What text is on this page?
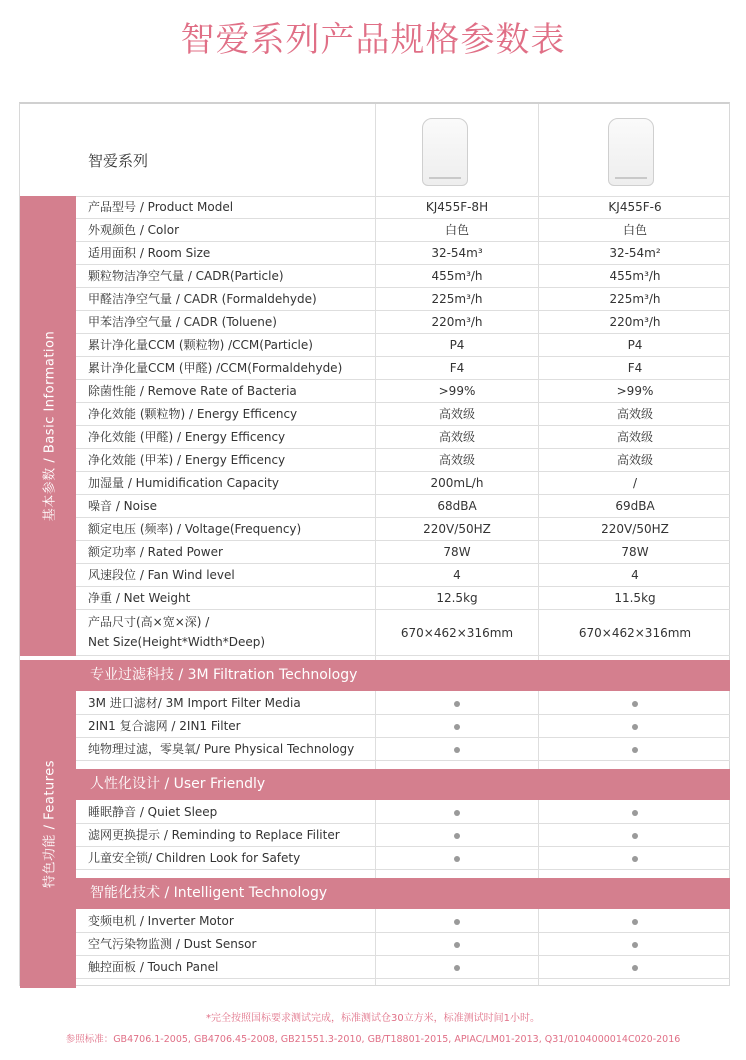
智爱系列产品规格参数表
智爱系列
基本参数 / Basic Information
特色功能 / Features
产品型号 / Product Model	KJ455F-8H	KJ455F-6
外观颜色 / Color	白色	白色
适用面积 / Room Size	32-54m³	32-54m²
颗粒物洁净空气量 / CADR(Particle)	455m³/h	455m³/h
甲醛洁净空气量 / CADR (Formaldehyde)	225m³/h	225m³/h
甲苯洁净空气量 / CADR (Toluene)	220m³/h	220m³/h
累计净化量CCM (颗粒物) /CCM(Particle)	P4	P4
累计净化量CCM (甲醛) /CCM(Formaldehyde)	F4	F4
除菌性能 / Remove Rate of Bacteria	>99%	>99%
净化效能 (颗粒物) / Energy Efficency	高效级	高效级
净化效能 (甲醛) / Energy Efficency	高效级	高效级
净化效能 (甲苯) / Energy Efficency	高效级	高效级
加湿量 / Humidification Capacity	200mL/h	/
噪音 / Noise	68dBA	69dBA
额定电压 (频率) / Voltage(Frequency)	220V/50HZ	220V/50HZ
额定功率 / Rated Power	78W	78W
风速段位 / Fan Wind level	4	4
净重 / Net Weight	12.5kg	11.5kg
产品尺寸(高×宽×深) /
Net Size(Height*Width*Deep)
670×462×316mm	670×462×316mm
专业过滤科技 / 3M Filtration Technology
3M 进口滤材/ 3M Import Filter Media
2IN1 复合滤网 / 2IN1 Filter
纯物理过滤，零臭氧/ Pure Physical Technology
人性化设计 / User Friendly
睡眠静音 / Quiet Sleep
滤网更换提示 / Reminding to Replace Filiter
儿童安全锁/ Children Look for Safety
智能化技术 / Intelligent Technology
变频电机 / Inverter Motor
空气污染物监测 / Dust Sensor
触控面板 / Touch Panel
*完全按照国标要求测试完成，标准测试仓30立方米，标准测试时间1小时。
参照标准：GB4706.1-2005, GB4706.45-2008, GB21551.3-2010, GB/T18801-2015, APIAC/LM01-2013, Q31/0104000014C020-2016
